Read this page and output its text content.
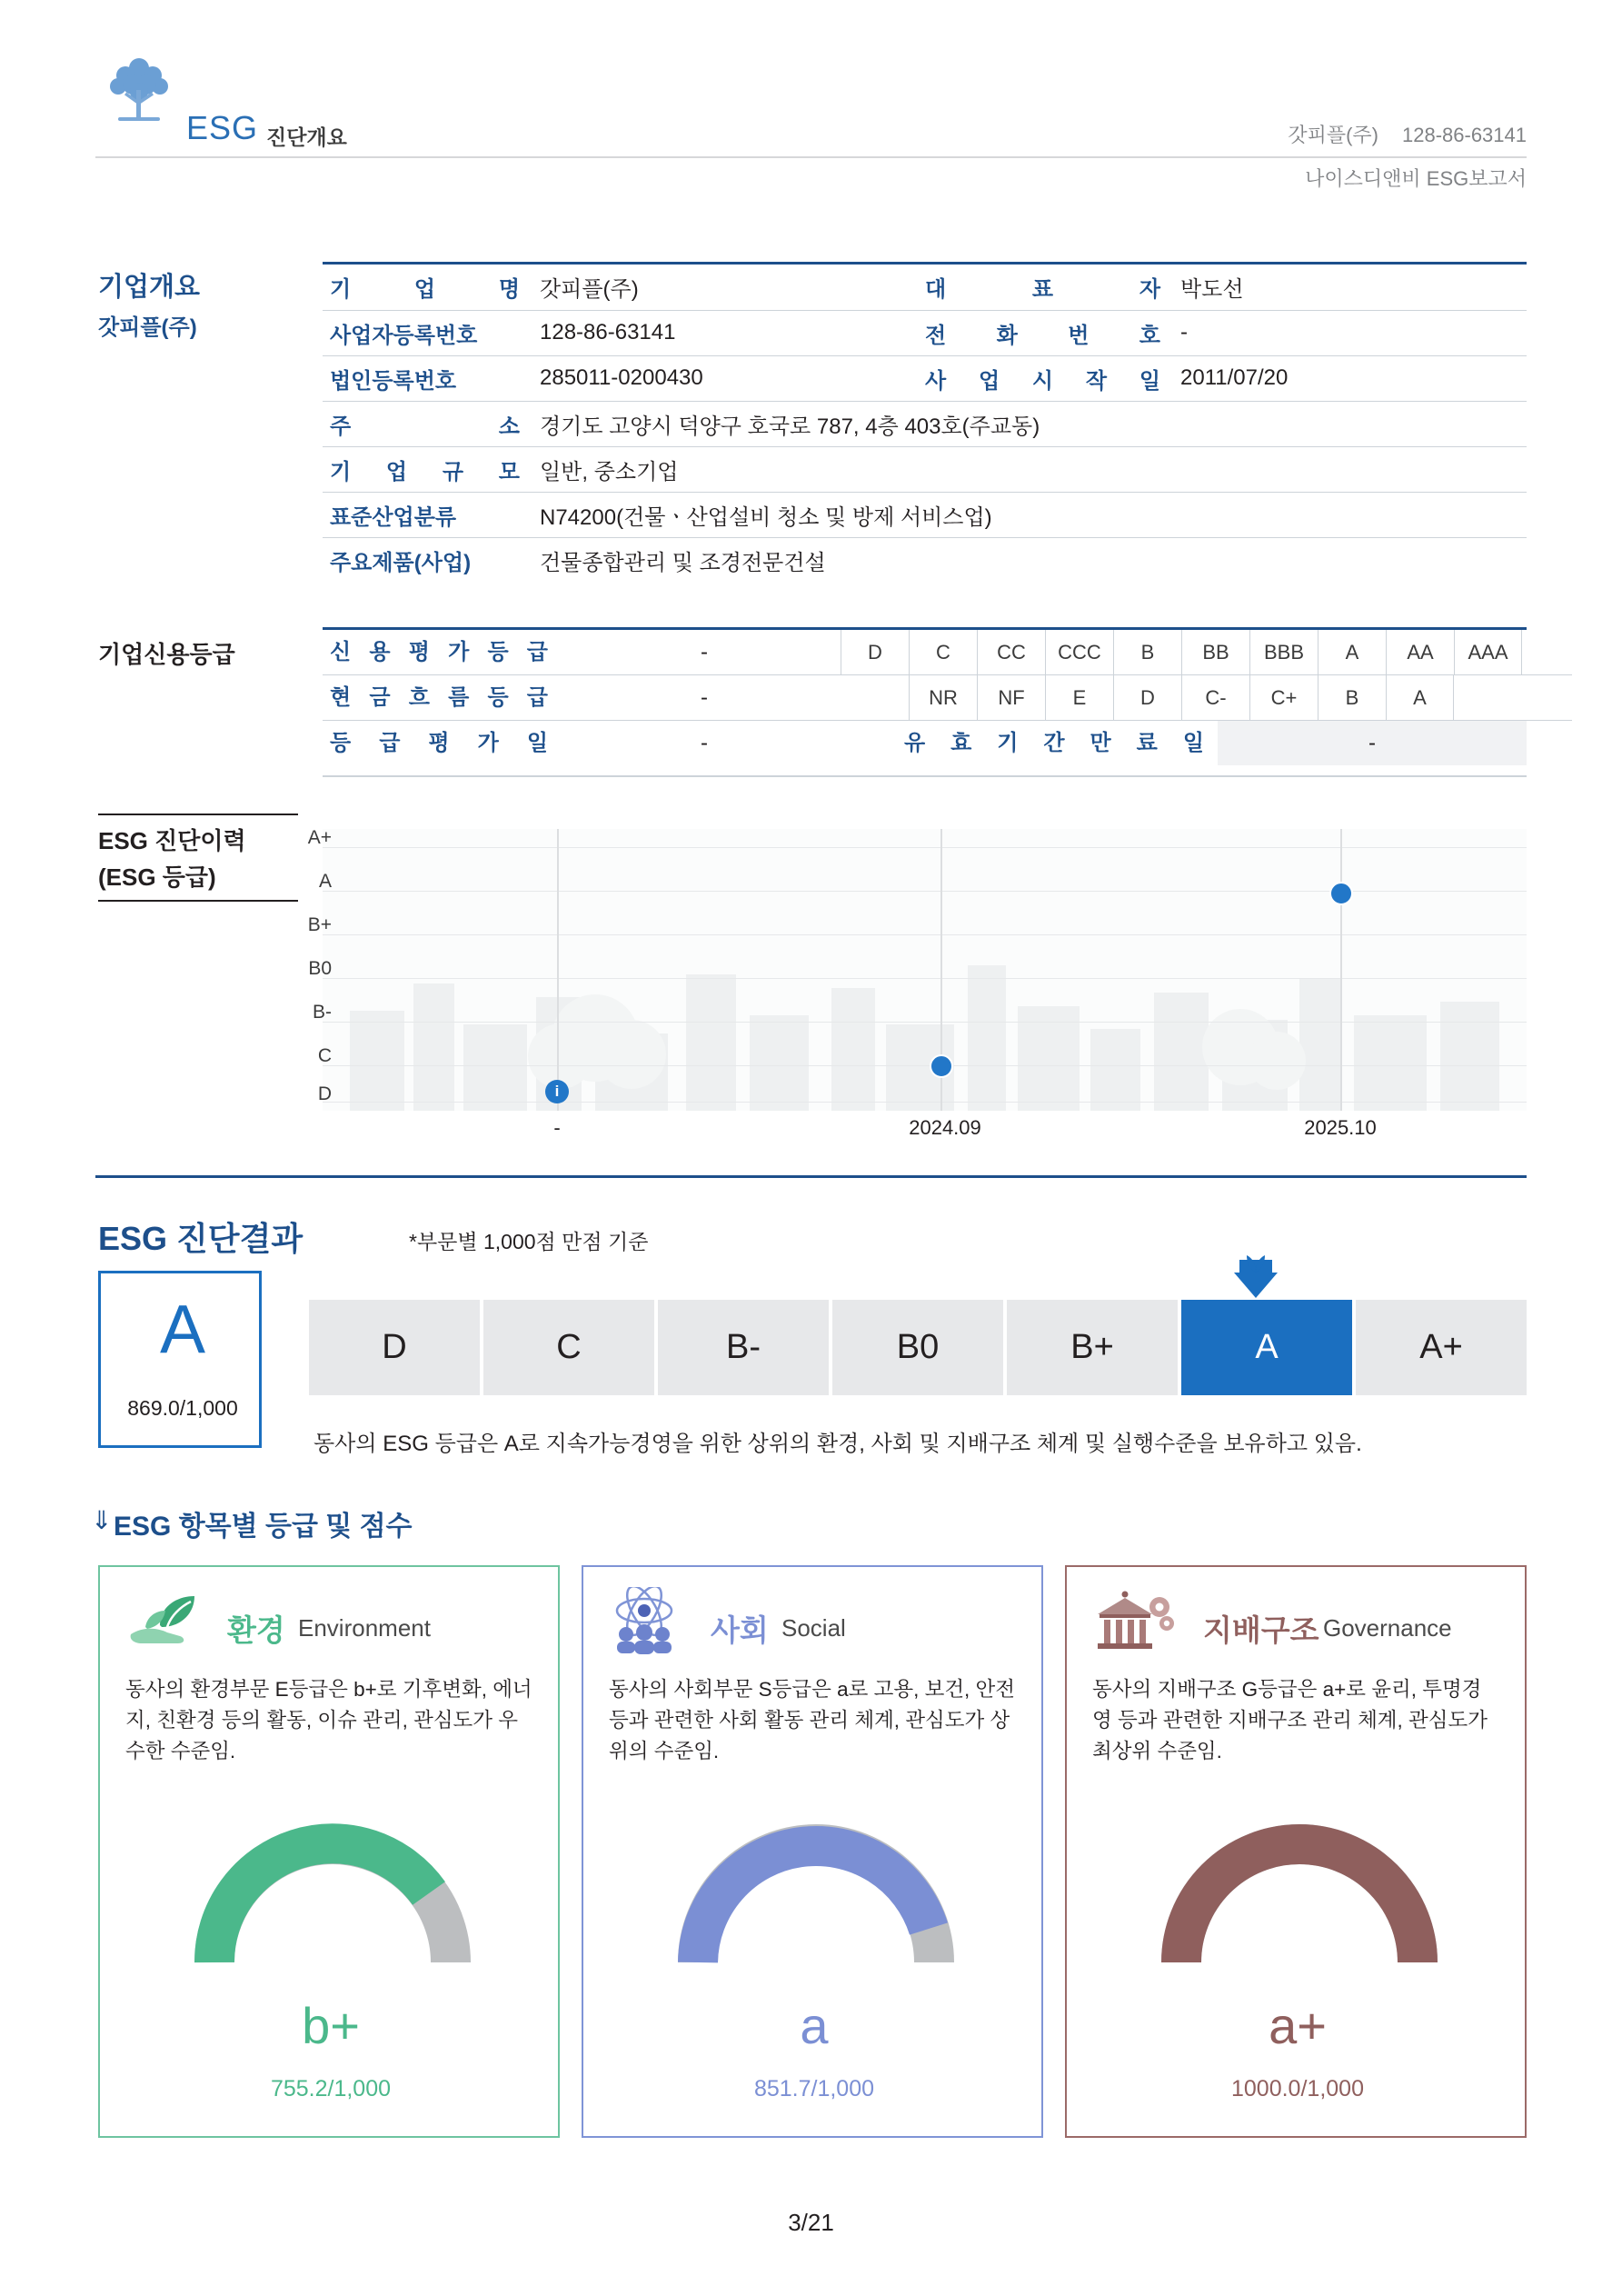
ESG 진단개요	갓피플(주) 128-86-63141
나이스디앤비 ESG보고서
기업개요
갓피플(주)
기 업 명	갓피플(주)	대 표 자	박도선
사업자등록번호	128-86-63141	전 화 번 호	-
법인등록번호	285011-0200430	사 업 시 작 일	2011/07/20
주 소	경기도 고양시 덕양구 호국로 787, 4층 403호(주교동)		
기 업 규 모	일반, 중소기업		
표준산업분류	N74200(건물ㆍ산업설비 청소 및 방제 서비스업)		
주요제품(사업)	건물종합관리 및 조경전문건설		
기업신용등급	신 용 평 가 등 급	-	D	C	CC	CCC	B	BB	BBB	A	AA	AAA
현 금 흐 름 등 급	-	NR	NF	E	D	C-	C+	B	A
등 급 평 가 일	-	유 효 기 간 만 료 일	-
ESG 진단이력
(ESG 등급)
A+
A
B+
B0
B-
C
D	i
-	2024.09	2025.10
ESG 진단결과	*부문별 1,000점 만점 기준
A
869.0/1,000
D	C	B-	B0	B+	A	A+
동사의 ESG 등급은 A로 지속가능경영을 위한 상위의 환경, 사회 및 지배구조 체계 및 실행수준을 보유하고 있음.
⇓ ESG 항목별 등급 및 점수
환경 Environment
동사의 환경부문 E등급은 b+로 기후변화, 에너지, 친환경 등의 활동, 이슈 관리, 관심도가 우수한 수준임.
b+
755.2/1,000
사회 Social
동사의 사회부문 S등급은 a로 고용, 보건, 안전 등과 관련한 사회 활동 관리 체계, 관심도가 상위의 수준임.
a
851.7/1,000
지배구조 Governance
동사의 지배구조 G등급은 a+로 윤리, 투명경영 등과 관련한 지배구조 관리 체계, 관심도가 최상위 수준임.
a+
1000.0/1,000
3/21
